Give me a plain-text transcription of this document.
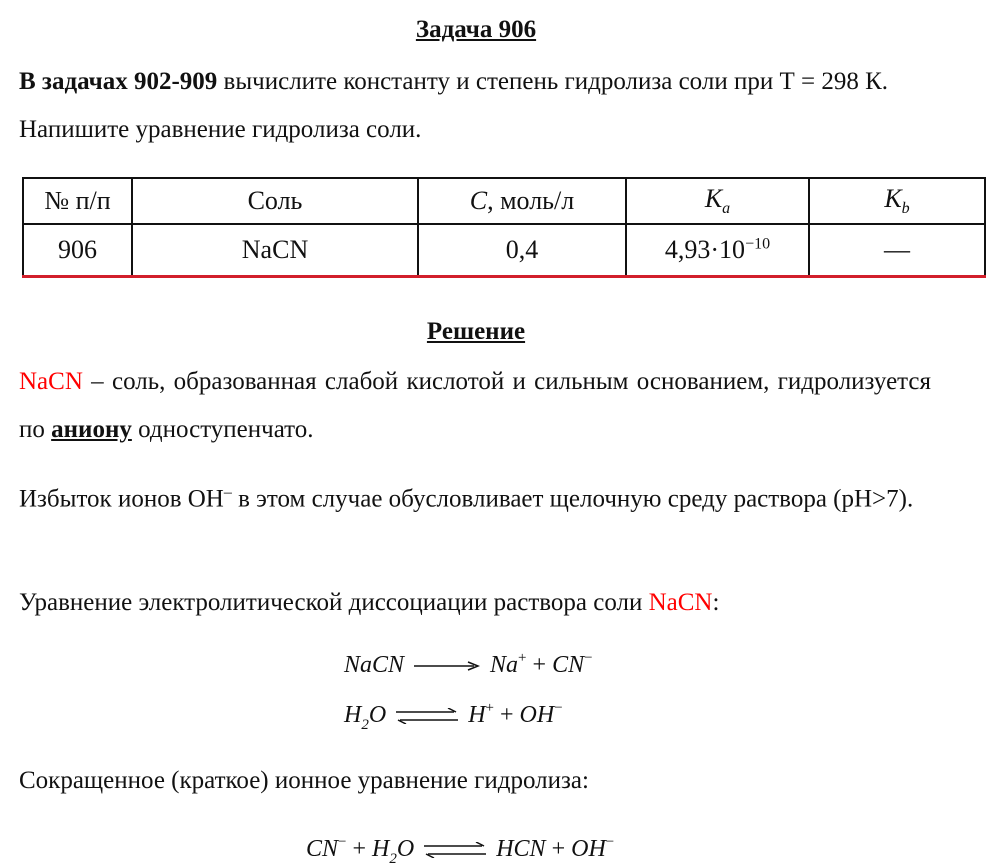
Задача 906
В задачах 902-909 вычислите константу и степень гидролиза соли при Т = 298 К. Напишите уравнение гидролиза соли.
№ п/п	Соль	C, моль/л	$K_a$	$K_b$
906	NaCN	0,4	$4,93\cdot 10^{-10}$	—
Решение
NaCN – соль, образованная слабой кислотой и сильным основанием, гидролизуется по аниону одноступенчато.
Избыток ионов ОН– в этом случае обусловливает щелочную среду раствора (рН>7).
Уравнение электролитической диссоциации раствора соли NaCN:
NaCN	Na+ + CN−
$H_2O$ ⇌ H+ + OH−
Сокращенное (краткое) ионное уравнение гидролиза:
$CN^- + H_2O$ ⇌ HCN + OH−
